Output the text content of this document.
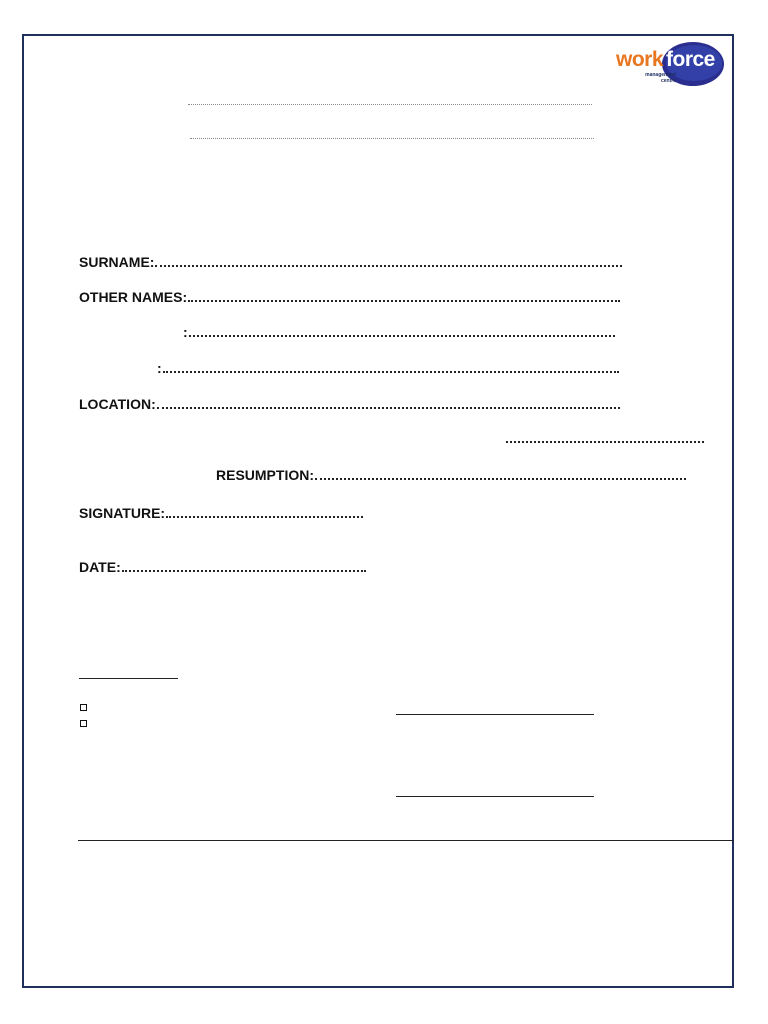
work force
management
centre
SURNAME:
OTHER NAMES:
:
:
LOCATION:
RESUMPTION:
SIGNATURE:
DATE:
